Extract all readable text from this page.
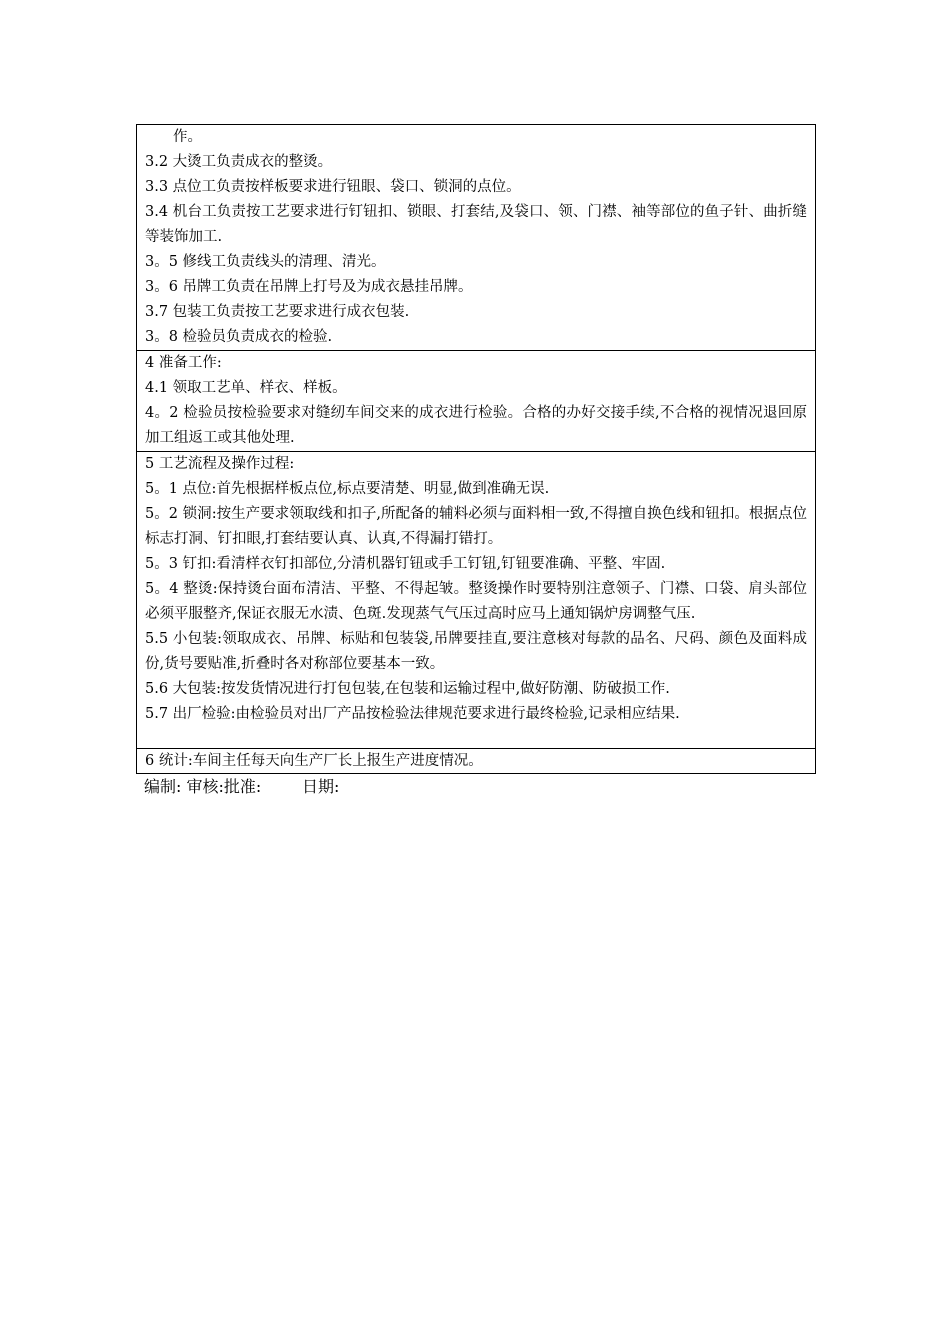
作。
3.2 大烫工负责成衣的整烫。
3.3 点位工负责按样板要求进行钮眼、袋口、锁洞的点位。
3.4 机台工负责按工艺要求进行钉钮扣、锁眼、打套结,及袋口、领、门襟、袖等部位的鱼子针、曲折缝等装饰加工.
3。5 修线工负责线头的清理、清光。
3。6 吊牌工负责在吊牌上打号及为成衣悬挂吊牌。
3.7 包装工负责按工艺要求进行成衣包装.
3。8 检验员负责成衣的检验.
4 准备工作:
4.1 领取工艺单、样衣、样板。
4。2 检验员按检验要求对缝纫车间交来的成衣进行检验。合格的办好交接手续,不合格的视情况退回原加工组返工或其他处理.
5 工艺流程及操作过程:
5。1 点位:首先根据样板点位,标点要清楚、明显,做到准确无误.
5。2 锁洞:按生产要求领取线和扣子,所配备的辅料必须与面料相一致,不得擅自换色线和钮扣。根据点位标志打洞、钉扣眼,打套结要认真、认真,不得漏打错打。
5。3 钉扣:看清样衣钉扣部位,分清机器钉钮或手工钉钮,钉钮要准确、平整、牢固.
5。4 整烫:保持烫台面布清洁、平整、不得起皱。整烫操作时要特别注意领子、门襟、口袋、肩头部位必须平服整齐,保证衣服无水渍、色斑.发现蒸气气压过高时应马上通知锅炉房调整气压.
5.5 小包装:领取成衣、吊牌、标贴和包装袋,吊牌要挂直,要注意核对每款的品名、尺码、颜色及面料成份,货号要贴准,折叠时各对称部位要基本一致。
5.6 大包装:按发货情况进行打包包装,在包装和运输过程中,做好防潮、防破损工作.
5.7 出厂检验:由检验员对出厂产品按检验法律规范要求进行最终检验,记录相应结果.
6 统计:车间主任每天向生产厂长上报生产进度情况。
编制: 审核:批准:        日期:
